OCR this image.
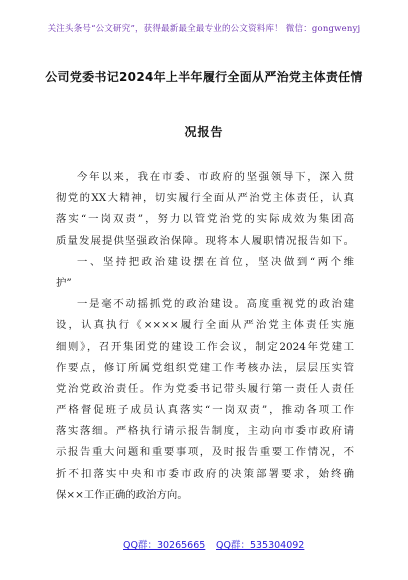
关注头条号“公文研究”，获得最新最全最专业的公文资料库！ 微信：gongwenyj
公司党委书记2024年上半年履行全面从严治党主体责任情
况报告
今年以来，我在市委、市政府的坚强领导下，深入贯
彻党的XX大精神，切实履行全面从严治党主体责任，认真
落实“一岗双责”，努力以管党治党的实际成效为集团高
质量发展提供坚强政治保障。现将本人履职情况报告如下。
一、坚持把政治建设摆在首位，坚决做到“两个维
护”
一是毫不动摇抓党的政治建设。高度重视党的政治建
设，认真执行《××××履行全面从严治党主体责任实施
细则》，召开集团党的建设工作会议，制定2024年党建工
作要点，修订所属党组织党建工作考核办法，层层压实管
党治党政治责任。作为党委书记带头履行第一责任人责任
严格督促班子成员认真落实“一岗双责”，推动各项工作
落实落细。严格执行请示报告制度，主动向市委市政府请
示报告重大问题和重要事项，及时报告重要工作情况，不
折不扣落实中央和市委市政府的决策部署要求，始终确
保××工作正确的政治方向。
QQ群：30265665 QQ群：535304092
